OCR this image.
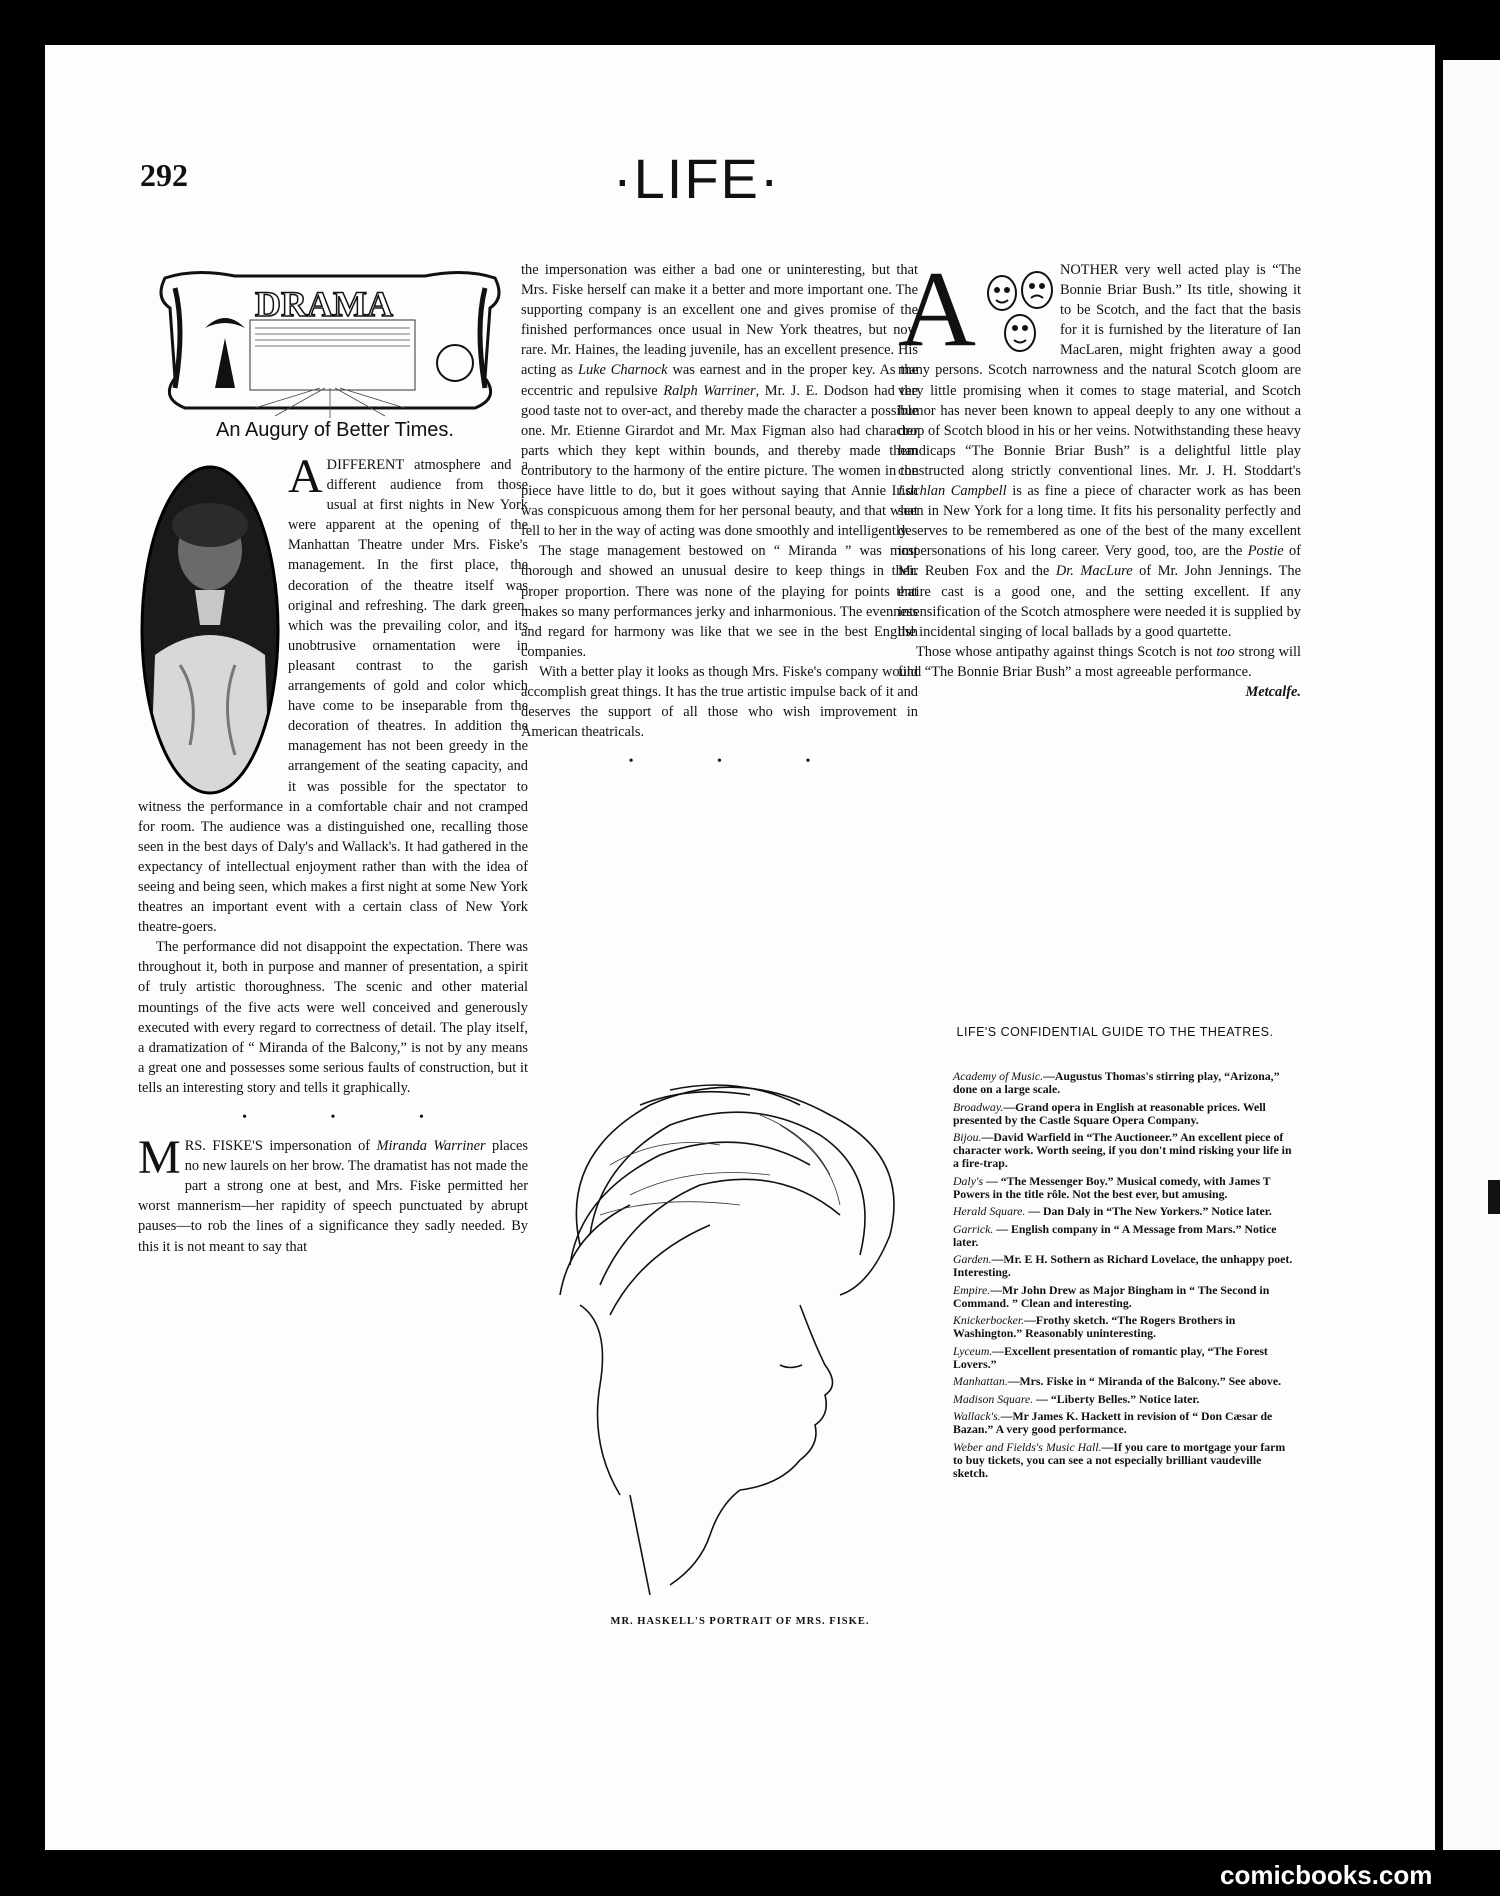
292	·LIFE·
DRAMA
An Augury of Better Times.

ADIFFERENT atmosphere and a different audience from those usual at first nights in New York were apparent at the opening of the Manhattan Theatre under Mrs. Fiske's management. In the first place, the decoration of the theatre itself was original and refreshing. The dark green, which was the prevailing color, and its unobtrusive ornamentation were in pleasant contrast to the garish arrangements of gold and color which have come to be inseparable from the decoration of theatres. In addition the management has not been greedy in the arrangement of the seating capacity, and it was possible for the spectator to witness the performance in a comfortable chair and not cramped for room. The audience was a distinguished one, recalling those seen in the best days of Daly's and Wallack's. It had gathered in the expectancy of intellectual enjoyment rather than with the idea of seeing and being seen, which makes a first night at some New York theatres an important event with a certain class of New York theatre-goers.

The performance did not disappoint the expectation. There was throughout it, both in purpose and manner of presentation, a spirit of truly artistic thoroughness. The scenic and other material mountings of the five acts were well conceived and generously executed with every regard to correctness of detail. The play itself, a dramatization of “ Miranda of the Balcony,” is not by any means a great one and possesses some serious faults of construction, but it tells an interesting story and tells it graphically.

• • •

MRS. FISKE'S impersonation of Miranda Warriner places no new laurels on her brow. The dramatist has not made the part a strong one at best, and Mrs. Fiske permitted her worst mannerism—her rapidity of speech punctuated by abrupt pauses—to rob the lines of a significance they sadly needed. By this it is not meant to say that

the impersonation was either a bad one or uninteresting, but that Mrs. Fiske herself can make it a better and more important one. The supporting company is an excellent one and gives promise of the finished performances once usual in New York theatres, but now rare. Mr. Haines, the leading juvenile, has an excellent presence. His acting as Luke Charnock was earnest and in the proper key. As the eccentric and repulsive Ralph Warriner, Mr. J. E. Dodson had the good taste not to over-act, and thereby made the character a possible one. Mr. Etienne Girardot and Mr. Max Figman also had character parts which they kept within bounds, and thereby made them contributory to the harmony of the entire picture. The women in the piece have little to do, but it goes without saying that Annie Irish was conspicuous among them for her personal beauty, and that what fell to her in the way of acting was done smoothly and intelligently.

The stage management bestowed on “ Miranda ” was most thorough and showed an unusual desire to keep things in their proper proportion. There was none of the playing for points that makes so many performances jerky and inharmonious. The evenness and regard for harmony was like that we see in the best English companies.

With a better play it looks as though Mrs. Fiske's company would accomplish great things. It has the true artistic impulse back of it and deserves the support of all those who wish improvement in American theatricals.

• • •
MR. HASKELL'S PORTRAIT OF MRS. FISKE.
A	NOTHER very well acted play is “The Bonnie Briar Bush.” Its title, showing it to be Scotch, and the fact that the basis for it is furnished by the literature of Ian MacLaren, might frighten away a good many persons. Scotch narrowness and the natural Scotch gloom are very little promising when it comes to stage material, and Scotch humor has never been known to appeal deeply to any one without a drop of Scotch blood in his or her veins. Notwithstanding these heavy handicaps “The Bonnie Briar Bush” is a delightful little play constructed along strictly conventional lines. Mr. J. H. Stoddart's Lachlan Campbell is as fine a piece of character work as has been seen in New York for a long time. It fits his personality perfectly and deserves to be remembered as one of the best of the many excellent impersonations of his long career. Very good, too, are the Postie of Mr. Reuben Fox and the Dr. MacLure of Mr. John Jennings. The entire cast is a good one, and the setting excellent. If any intensification of the Scotch atmosphere were needed it is supplied by the incidental singing of local ballads by a good quartette.

Those whose antipathy against things Scotch is not too strong will find “The Bonnie Briar Bush” a most agreeable performance.
Metcalfe.

LIFE'S CONFIDENTIAL GUIDE TO THE THEATRES.
Academy of Music.—Augustus Thomas's stirring play, “Arizona,” done on a large scale.
Broadway.—Grand opera in English at reasonable prices. Well presented by the Castle Square Opera Company.
Bijou.—David Warfield in “The Auctioneer.” An excellent piece of character work. Worth seeing, if you don't mind risking your life in a fire-trap.
Daly's — “The Messenger Boy.” Musical comedy, with James T Powers in the title rôle. Not the best ever, but amusing.
Herald Square. — Dan Daly in “The New Yorkers.” Notice later.
Garrick. — English company in “ A Message from Mars.” Notice later.
Garden.—Mr. E H. Sothern as Richard Lovelace, the unhappy poet. Interesting.
Empire.—Mr John Drew as Major Bingham in “ The Second in Command. ” Clean and interesting.
Knickerbocker.—Frothy sketch. “The Rogers Brothers in Washington.” Reasonably uninteresting.
Lyceum.—Excellent presentation of romantic play, “The Forest Lovers.”
Manhattan.—Mrs. Fiske in “ Miranda of the Balcony.” See above.
Madison Square. — “Liberty Belles.” Notice later.
Wallack's.—Mr James K. Hackett in revision of “ Don Cæsar de Bazan.” A very good performance.
Weber and Fields's Music Hall.—If you care to mortgage your farm to buy tickets, you can see a not especially brilliant vaudeville sketch.
comicbooks.com
